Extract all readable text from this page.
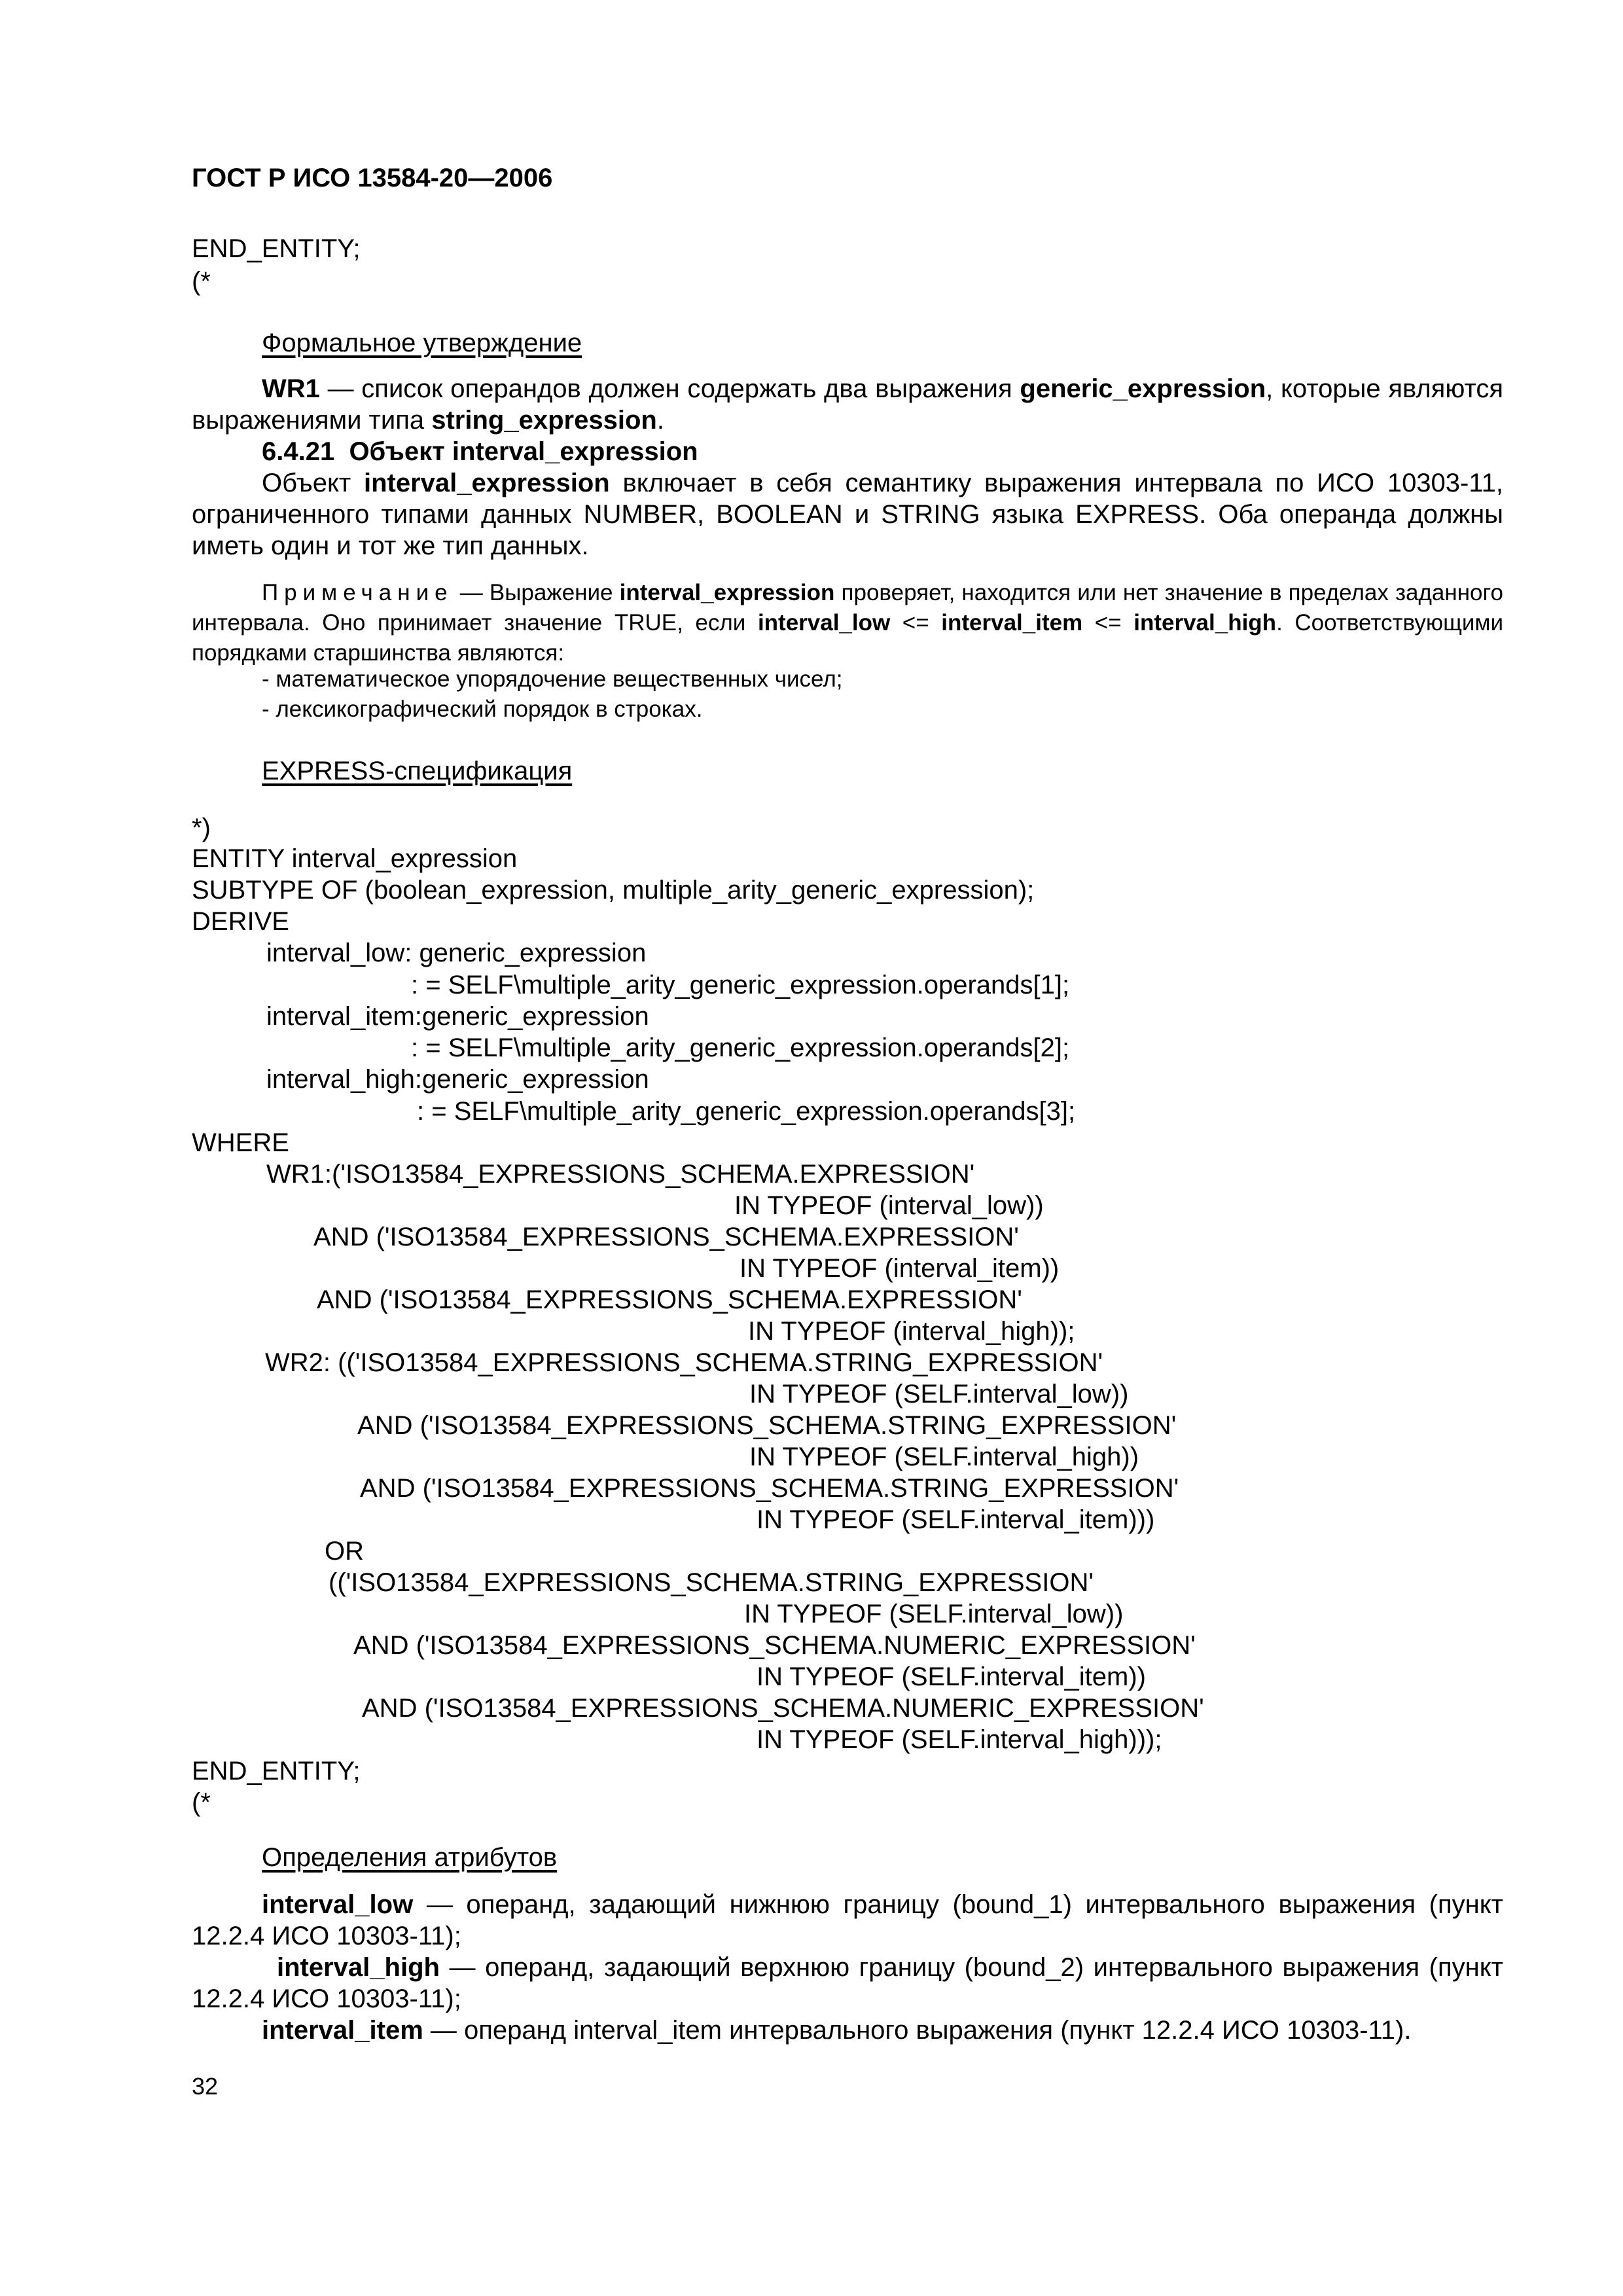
ГОСТ Р ИСО 13584-20—2006
END_ENTITY;
(*
Формальное утверждение
WR1 — список операндов должен содержать два выражения generic_expression, которые являются выражениями типа string_expression.
6.4.21  Объект interval_expression
Объект interval_expression включает в себя семантику выражения интервала по ИСО 10303-11, ограниченного типами данных NUMBER, BOOLEAN и STRING языка EXPRESS. Оба операнда должны иметь один и тот же тип данных.
Примечание — Выражение interval_expression проверяет, находится или нет значение в пределах заданного интервала. Оно принимает значение TRUE, если interval_low <= interval_item <= interval_high. Соответствующими порядками старшинства являются:
- математическое упорядочение вещественных чисел;
- лексикографический порядок в строках.
EXPRESS-спецификация
*)
ENTITY interval_expression
SUBTYPE OF (boolean_expression, multiple_arity_generic_expression);
DERIVE
interval_low: generic_expression
: = SELF\multiple_arity_generic_expression.operands[1];
interval_item:generic_expression
: = SELF\multiple_arity_generic_expression.operands[2];
interval_high:generic_expression
: = SELF\multiple_arity_generic_expression.operands[3];
WHERE
WR1:('ISO13584_EXPRESSIONS_SCHEMA.EXPRESSION'
IN TYPEOF (interval_low))
AND ('ISO13584_EXPRESSIONS_SCHEMA.EXPRESSION'
IN TYPEOF (interval_item))
AND ('ISO13584_EXPRESSIONS_SCHEMA.EXPRESSION'
IN TYPEOF (interval_high));
WR2: (('ISO13584_EXPRESSIONS_SCHEMA.STRING_EXPRESSION'
IN TYPEOF (SELF.interval_low))
AND ('ISO13584_EXPRESSIONS_SCHEMA.STRING_EXPRESSION'
IN TYPEOF (SELF.interval_high))
AND ('ISO13584_EXPRESSIONS_SCHEMA.STRING_EXPRESSION'
IN TYPEOF (SELF.interval_item)))
OR
(('ISO13584_EXPRESSIONS_SCHEMA.STRING_EXPRESSION'
IN TYPEOF (SELF.interval_low))
AND ('ISO13584_EXPRESSIONS_SCHEMA.NUMERIC_EXPRESSION'
IN TYPEOF (SELF.interval_item))
AND ('ISO13584_EXPRESSIONS_SCHEMA.NUMERIC_EXPRESSION'
IN TYPEOF (SELF.interval_high)));
END_ENTITY;
(*
Определения атрибутов
interval_low — операнд, задающий нижнюю границу (bound_1) интервального выражения (пункт 12.2.4 ИСО 10303-11);
interval_high — операнд, задающий верхнюю границу (bound_2) интервального выражения (пункт 12.2.4 ИСО 10303-11);
interval_item — операнд interval_item интервального выражения (пункт 12.2.4 ИСО 10303-11).
32
